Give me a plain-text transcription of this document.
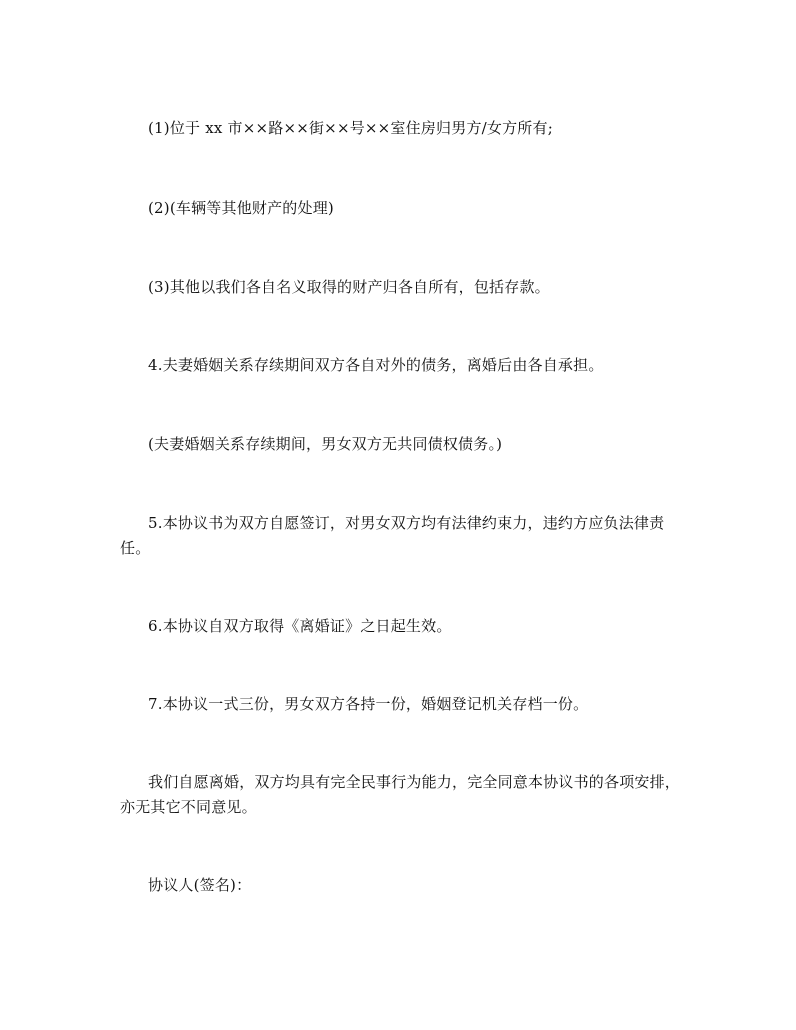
(1)位于 xx 市××路××街××号××室住房归男方/女方所有;

(2)(车辆等其他财产的处理)

(3)其他以我们各自名义取得的财产归各自所有，包括存款。

4.夫妻婚姻关系存续期间双方各自对外的债务，离婚后由各自承担。

(夫妻婚姻关系存续期间，男女双方无共同债权债务。)

5.本协议书为双方自愿签订，对男女双方均有法律约束力，违约方应负法律责任。

6.本协议自双方取得《离婚证》之日起生效。

7.本协议一式三份，男女双方各持一份，婚姻登记机关存档一份。

我们自愿离婚，双方均具有完全民事行为能力，完全同意本协议书的各项安排，亦无其它不同意见。

协议人(签名)：
